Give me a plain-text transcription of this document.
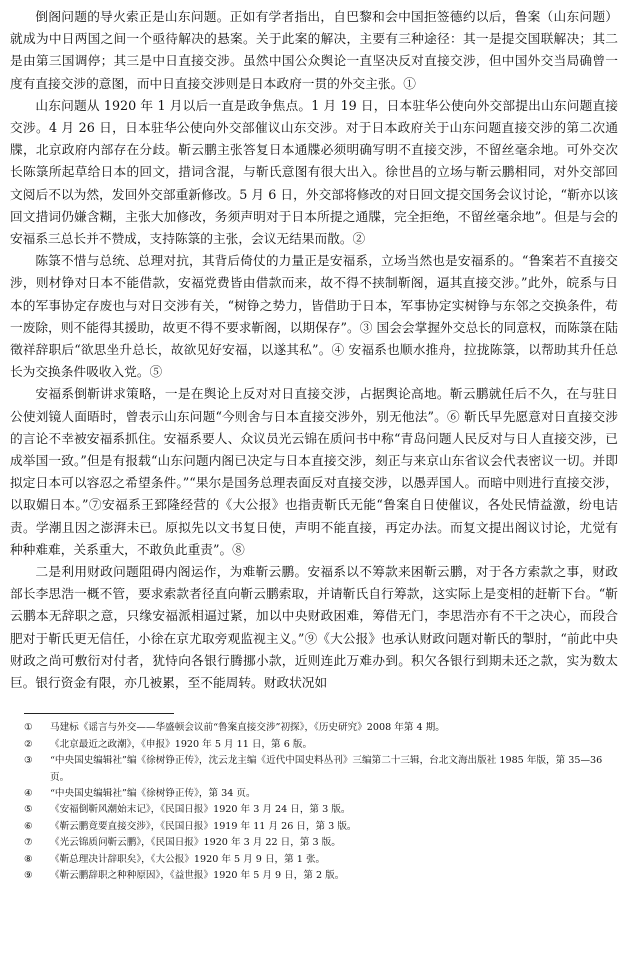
倒阁问题的导火索正是山东问题。正如有学者指出，自巴黎和会中国拒签德约以后，鲁案（山东问题）就成为中日两国之间一个亟待解决的悬案。关于此案的解决，主要有三种途径：其一是提交国联解决；其二是由第三国调停；其三是中日直接交涉。虽然中国公众舆论一直坚决反对直接交涉，但中国外交当局确曾一度有直接交涉的意图，而中日直接交涉则是日本政府一贯的外交主张。①

山东问题从 1920 年 1 月以后一直是政争焦点。1 月 19 日，日本驻华公使向外交部提出山东问题直接交涉。4 月 26 日，日本驻华公使向外交部催议山东交涉。对于日本政府关于山东问题直接交涉的第二次通牒，北京政府内部存在分歧。靳云鹏主张答复日本通牒必须明确写明不直接交涉，不留丝毫余地。可外交次长陈箓所起草给日本的回文，措词含混，与靳氏意图有很大出入。徐世昌的立场与靳云鹏相同，对外交部回文阅后不以为然，发回外交部重新修改。5 月 6 日，外交部将修改的对日回文提交国务会议讨论，“靳亦以该回文措词仍嫌含糊，主张大加修改，务须声明对于日本所提之通牒，完全拒绝，不留丝毫余地”。但是与会的安福系三总长并不赞成，支持陈箓的主张，会议无结果而散。②

陈箓不惜与总统、总理对抗，其背后倚仗的力量正是安福系，立场当然也是安福系的。“鲁案若不直接交涉，则材铮对日本不能借款，安福党费皆由借款而来，故不得不挟制靳阁，逼其直接交涉。”此外，皖系与日本的军事协定存废也与对日交涉有关，“树铮之势力，皆借助于日本，军事协定实树铮与东邻之交换条件，苟一废除，则不能得其援助，故更不得不要求靳阁，以期保存”。③ 国会会掌握外交总长的同意权，而陈箓在陆徵祥辞职后“欲思坐升总长，故欲见好安福，以遂其私”。④ 安福系也顺水推舟，拉拢陈箓，以帮助其升任总长为交换条件吸收入党。⑤

安福系倒靳讲求策略，一是在舆论上反对对日直接交涉，占据舆论高地。靳云鹏就任后不久，在与驻日公使刘镜人面晤时，曾表示山东问题“今则舍与日本直接交涉外，别无他法”。⑥ 靳氏早先愿意对日直接交涉的言论不幸被安福系抓住。安福系要人、众议员光云锦在质问书中称“青岛问题人民反对与日人直接交涉，已成举国一致。”但是有报载“山东问题内阁已决定与日本直接交涉，刻正与来京山东省议会代表密议一切。并即拟定日本可以容忍之希望条件。”“果尔是国务总理表面反对直接交涉，以愚弄国人。而暗中则进行直接交涉，以取媚日本。”⑦安福系王郅隆经营的《大公报》也指责靳氏无能“鲁案自日使催议，各处民情益激，纷电诘责。学潮且因之澎湃未已。原拟先以文书复日使，声明不能直接，再定办法。而复文提出阁议讨论，尤觉有种种难难，关系重大，不敢负此重责”。⑧

二是利用财政问题阻碍内阁运作，为难靳云鹏。安福系以不筹款来困靳云鹏，对于各方索款之事，财政部长李思浩一概不管，要求索款者径直向靳云鹏索取，并请靳氏自行筹款，这实际上是变相的赶靳下台。“靳云鹏本无辞职之意，只缘安福派相逼过紧，加以中央财政困难，筹借无门，李思浩亦有不干之决心，而段合肥对于靳氏更无信任，小徐在京尤取旁观监视主义。”⑨《大公报》也承认财政问题对靳氏的掣肘，“前此中央财政之尚可敷衍对付者，犹恃向各银行腾挪小款，近则连此万难办到。积欠各银行到期未还之款，实为数太巨。银行资金有限，亦几被累，至不能周转。财政状况如

①	马建标《谣言与外交——华盛顿会议前“鲁案直接交涉”初探》，《历史研究》2008 年第 4 期。
②	《北京最近之政潮》，《申报》1920 年 5 月 11 日，第 6 版。
③	“中央国史编辑社”编《徐树铮正传》，沈云龙主编《近代中国史料丛刊》三编第二十三辑，台北文海出版社 1985 年版，第 35—36 页。
④	“中央国史编辑社”编《徐树铮正传》，第 34 页。
⑤	《安福倒靳风潮始末记》，《民国日报》1920 年 3 月 24 日，第 3 版。
⑥	《靳云鹏竟要直接交涉》，《民国日报》1919 年 11 月 26 日，第 3 版。
⑦	《光云锦质问靳云鹏》，《民国日报》1920 年 3 月 22 日，第 3 版。
⑧	《靳总理决计辞职矣》，《大公报》1920 年 5 月 9 日，第 1 张。
⑨	《靳云鹏辞职之种种原因》，《益世报》1920 年 5 月 9 日，第 2 版。
